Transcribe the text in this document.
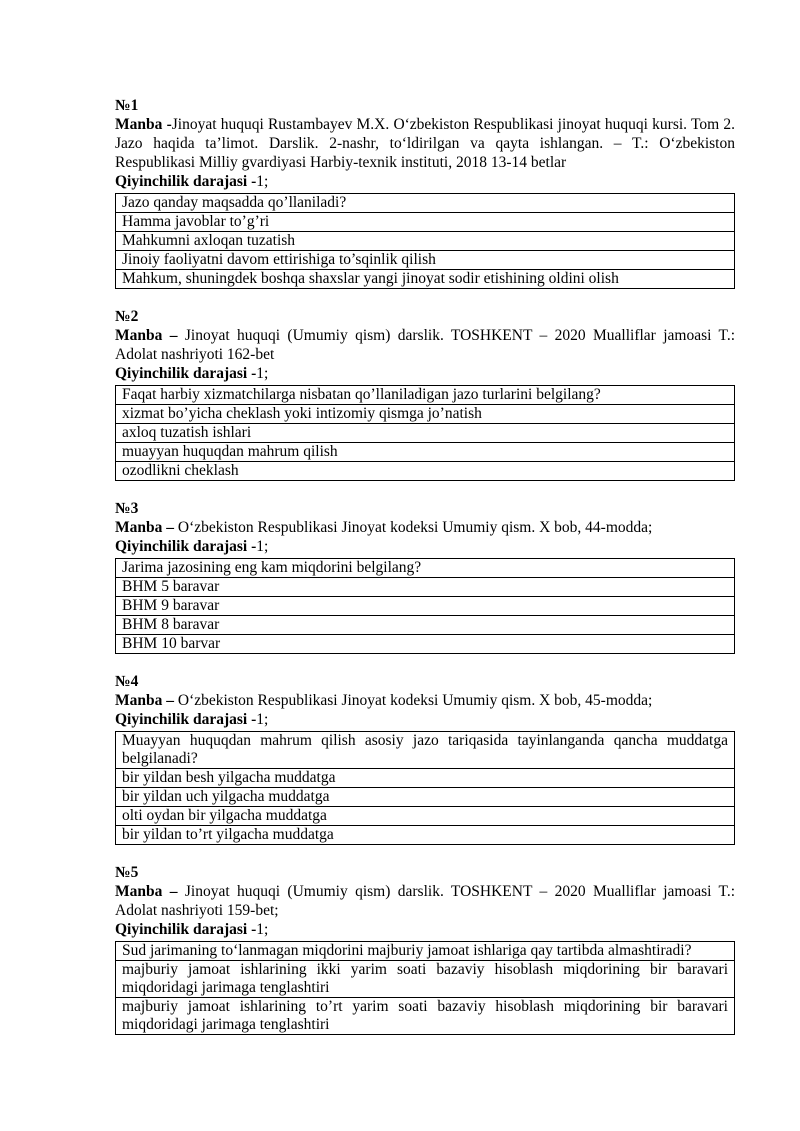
№1

Manba -Jinoyat huquqi Rustambayev M.X. O‘zbekiston Respublikasi jinoyat huquqi kursi. Tom 2. Jazo haqida ta’limot. Darslik. 2-nashr, to‘ldirilgan va qayta ishlangan. – T.: O‘zbekiston Respublikasi Milliy gvardiyasi Harbiy-texnik instituti, 2018 13-14 betlar

Qiyinchilik darajasi -1;

Jazo qanday maqsadda qo’llaniladi?
Hamma javoblar to’g’ri
Mahkumni axloqan tuzatish
Jinoiy faoliyatni davom ettirishiga to’sqinlik qilish
Mahkum, shuningdek boshqa shaxslar yangi jinoyat sodir etishining oldini olish

№2

Manba – Jinoyat huquqi (Umumiy qism) darslik. TOSHKENT – 2020 Mualliflar jamoasi T.: Adolat nashriyoti 162-bet

Qiyinchilik darajasi -1;

Faqat harbiy xizmatchilarga nisbatan qo’llaniladigan jazo turlarini belgilang?
xizmat bo’yicha cheklash yoki intizomiy qismga jo’natish
axloq tuzatish ishlari
muayyan huquqdan mahrum qilish
ozodlikni cheklash

№3

Manba – O‘zbekiston Respublikasi Jinoyat kodeksi Umumiy qism. X bob, 44-modda;

Qiyinchilik darajasi -1;

Jarima jazosining eng kam miqdorini belgilang?
BHM 5 baravar
BHM 9 baravar
BHM 8 baravar
BHM 10 barvar

№4

Manba – O‘zbekiston Respublikasi Jinoyat kodeksi Umumiy qism. X bob, 45-modda;

Qiyinchilik darajasi -1;

Muayyan huquqdan mahrum qilish asosiy jazo tariqasida tayinlanganda qancha muddatga belgilanadi?
bir yildan besh yilgacha muddatga
bir yildan uch yilgacha muddatga
olti oydan bir yilgacha muddatga
bir yildan to’rt yilgacha muddatga

№5

Manba – Jinoyat huquqi (Umumiy qism) darslik. TOSHKENT – 2020 Mualliflar jamoasi T.: Adolat nashriyoti 159-bet;

Qiyinchilik darajasi -1;

Sud jarimaning to‘lanmagan miqdorini majburiy jamoat ishlariga qay tartibda almashtiradi?
majburiy jamoat ishlarining ikki yarim soati bazaviy hisoblash miqdorining bir baravari miqdoridagi jarimaga tenglashtiri
majburiy jamoat ishlarining to’rt yarim soati bazaviy hisoblash miqdorining bir baravari miqdoridagi jarimaga tenglashtiri
